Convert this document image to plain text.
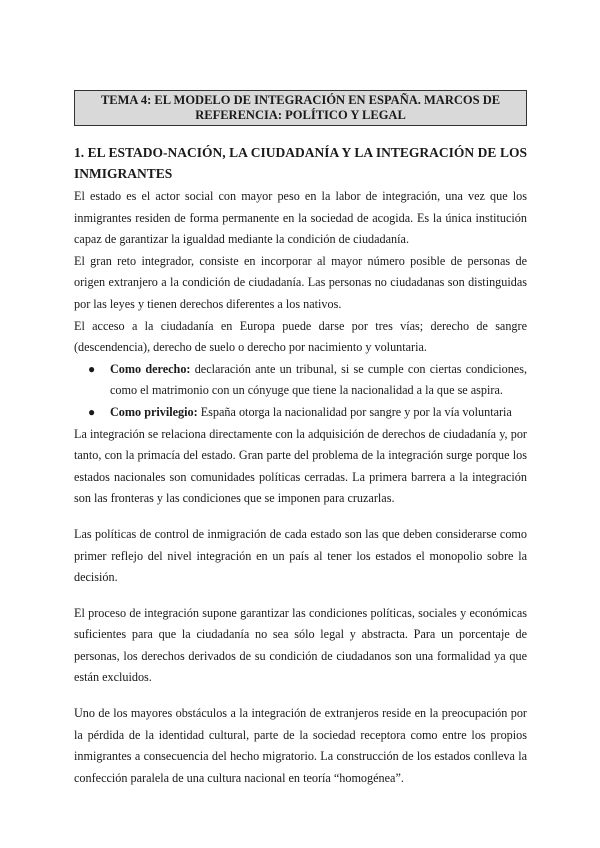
TEMA 4: EL MODELO DE INTEGRACIÓN EN ESPAÑA. MARCOS DE
REFERENCIA: POLÍTICO Y LEGAL
1. EL ESTADO-NACIÓN, LA CIUDADANÍA Y LA INTEGRACIÓN DE LOS INMIGRANTES

El estado es el actor social con mayor peso en la labor de integración, una vez que los inmigrantes residen de forma permanente en la sociedad de acogida. Es la única institución capaz de garantizar la igualdad mediante la condición de ciudadanía.

El gran reto integrador, consiste en incorporar al mayor número posible de personas de origen extranjero a la condición de ciudadanía. Las personas no ciudadanas son distinguidas por las leyes y tienen derechos diferentes a los nativos.

El acceso a la ciudadanía en Europa puede darse por tres vías; derecho de sangre (descendencia), derecho de suelo o derecho por nacimiento y voluntaria.

● Como derecho: declaración ante un tribunal, si se cumple con ciertas condiciones, como el matrimonio con un cónyuge que tiene la nacionalidad a la que se aspira.
● Como privilegio: España otorga la nacionalidad por sangre y por la vía voluntaria

La integración se relaciona directamente con la adquisición de derechos de ciudadanía y, por tanto, con la primacía del estado. Gran parte del problema de la integración surge porque los estados nacionales son comunidades políticas cerradas. La primera barrera a la integración son las fronteras y las condiciones que se imponen para cruzarlas.

Las políticas de control de inmigración de cada estado son las que deben considerarse como primer reflejo del nivel integración en un país al tener los estados el monopolio sobre la decisión.

El proceso de integración supone garantizar las condiciones políticas, sociales y económicas suficientes para que la ciudadanía no sea sólo legal y abstracta. Para un porcentaje de personas, los derechos derivados de su condición de ciudadanos son una formalidad ya que están excluidos.

Uno de los mayores obstáculos a la integración de extranjeros reside en la preocupación por la pérdida de la identidad cultural, parte de la sociedad receptora como entre los propios inmigrantes a consecuencia del hecho migratorio. La construcción de los estados conlleva la confección paralela de una cultura nacional en teoría “homogénea”.
